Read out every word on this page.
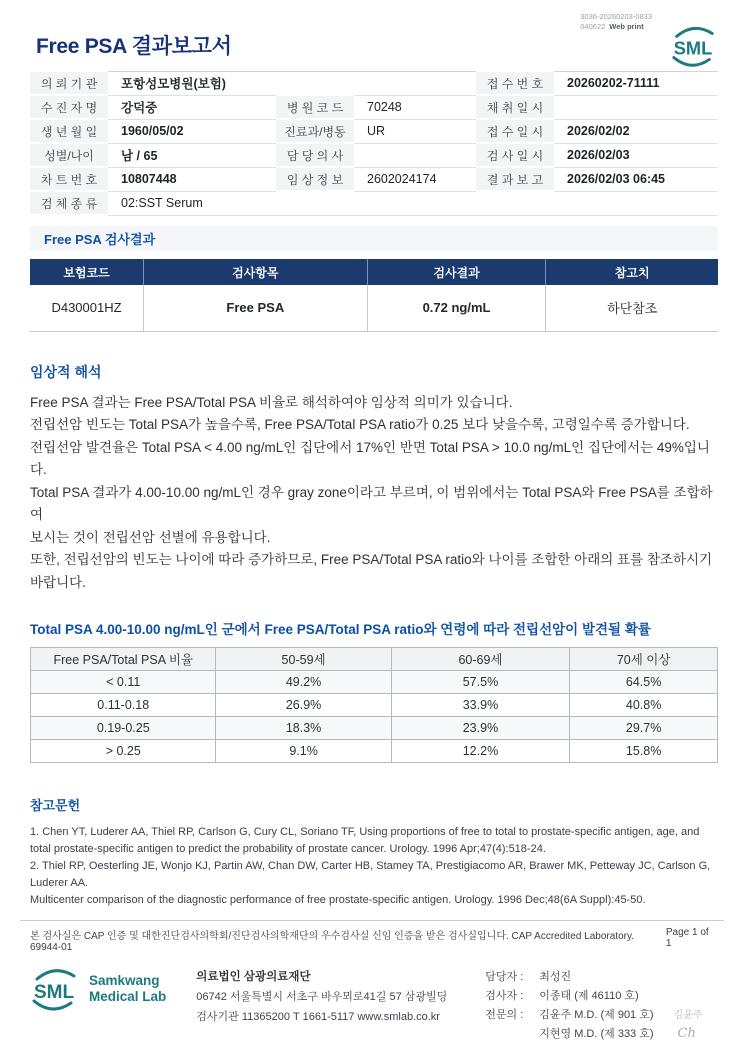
Free PSA 결과보고서
3036-20260203-0833
040622 Web print
SML
의 뢰 기 관	포항성모병원(보험)			접 수 번 호	20260202-71111
수 진 자 명	강덕중	병 원 코 드	70248	채 취 일 시	
생 년 월 일	1960/05/02	진료과/병동	UR	접 수 일 시	2026/02/02
성별/나이	남 / 65	담 당 의 사		검 사 일 시	2026/02/03
차 트 번 호	10807448	임 상 정 보	2602024174	결 과 보 고	2026/02/03 06:45
검 체 종 류	02:SST Serum				
Free PSA 검사결과
보험코드	검사항목	검사결과	참고치
D430001HZ	Free PSA	0.72 ng/mL	하단참조
임상적 해석
Free PSA 결과는 Free PSA/Total PSA 비율로 해석하여야 임상적 의미가 있습니다.
전립선암 빈도는 Total PSA가 높을수록, Free PSA/Total PSA ratio가 0.25 보다 낮을수록, 고령일수록 증가합니다.
전립선암 발견율은 Total PSA < 4.00 ng/mL인 집단에서 17%인 반면 Total PSA > 10.0 ng/mL인 집단에서는 49%입니다.
Total PSA 결과가 4.00-10.00 ng/mL인 경우 gray zone이라고 부르며, 이 범위에서는 Total PSA와 Free PSA를 조합하여
보시는 것이 전립선암 선별에 유용합니다.
또한, 전립선암의 빈도는 나이에 따라 증가하므로, Free PSA/Total PSA ratio와 나이를 조합한 아래의 표를 참조하시기 바랍니다.
Total PSA 4.00-10.00 ng/mL인 군에서 Free PSA/Total PSA ratio와 연령에 따라 전립선암이 발견될 확률
Free PSA/Total PSA 비율	50-59세	60-69세	70세 이상
< 0.11	49.2%	57.5%	64.5%
0.11-0.18	26.9%	33.9%	40.8%
0.19-0.25	18.3%	23.9%	29.7%
> 0.25	9.1%	12.2%	15.8%
참고문헌
1. Chen YT, Luderer AA, Thiel RP, Carlson G, Cury CL, Soriano TF, Using proportions of free to total to prostate-specific antigen, age, and
total prostate-specific antigen to predict the probability of prostate cancer. Urology. 1996 Apr;47(4):518-24.
2. Thiel RP, Oesterling JE, Wonjo KJ, Partin AW, Chan DW, Carter HB, Stamey TA, Prestigiacomo AR, Brawer MK, Petteway JC, Carlson G, Luderer AA.
Multicenter comparison of the diagnostic performance of free prostate-specific antigen. Urology. 1996 Dec;48(6A Suppl):45-50.
본 검사실은 CAP 인증 및 대한진단검사의학회/진단검사의학재단의 우수검사실 신임 인증을 받은 검사실입니다. CAP Accredited Laboratory. 69944-01
Page 1 of 1
SML
Samkwang
Medical Lab
의료법인 삼광의료재단
06742 서울특별시 서초구 바우뫼로41길 57 삼광빌딩
검사기관 11365200 T 1661-5117 www.smlab.co.kr
담당자 :	최성진
검사자 :	이종태 (제 46110 호)
전문의 :	김윤주 M.D. (제 901 호) 김윤주
지현영 M.D. (제 333 호) Ch
